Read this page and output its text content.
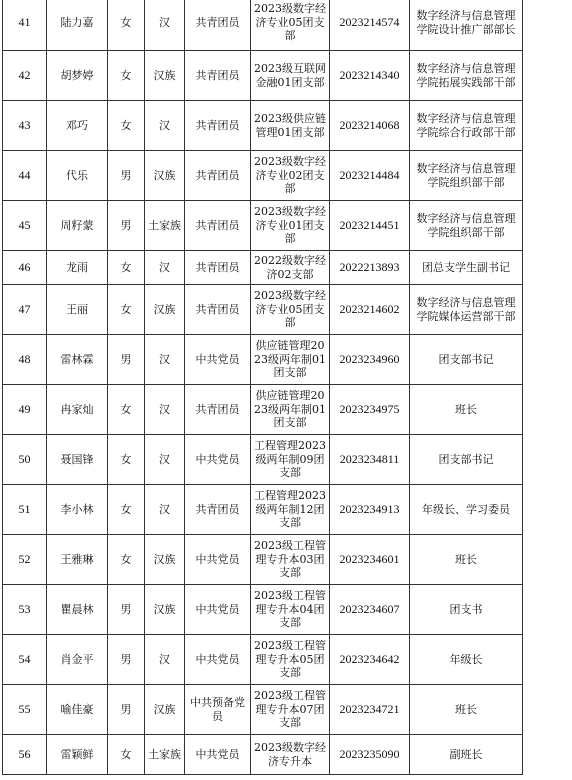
41	陆力嘉	女	汉	共青团员	2023级数字经济专业05团支部	2023214574	数字经济与信息管理学院设计推广部部长
42	胡梦婷	女	汉族	共青团员	2023级互联网金融01团支部	2023214340	数字经济与信息管理学院拓展实践部干部
43	邓巧	女	汉	共青团员	2023级供应链管理01团支部	2023214068	数字经济与信息管理学院综合行政部干部
44	代乐	男	汉族	共青团员	2023级数字经济专业02团支部	2023214484	数字经济与信息管理学院组织部干部
45	周籽蒙	男	土家族	共青团员	2023级数字经济专业01团支部	2023214451	数字经济与信息管理学院组织部干部
46	龙雨	女	汉	共青团员	2022级数字经济02支部	2022213893	团总支学生副书记
47	王丽	女	汉族	共青团员	2023级数字经济专业05团支部	2023214602	数字经济与信息管理学院媒体运营部干部
48	雷林霖	男	汉	中共党员	供应链管理2023级两年制01团支部	2023234960	团支部书记
49	冉家灿	女	汉	共青团员	供应链管理2023级两年制01团支部	2023234975	班长
50	聂国锋	女	汉	中共党员	工程管理2023级两年制09团支部	2023234811	团支部书记
51	李小林	女	汉	共青团员	工程管理2023级两年制12团支部	2023234913	年级长、学习委员
52	王雅琳	女	汉族	中共党员	2023级工程管理专升本03团支部	2023234601	班长
53	瞿晨林	男	汉族	中共党员	2023级工程管理专升本04团支部	2023234607	团支书
54	肖金平	男	汉	中共党员	2023级工程管理专升本05团支部	2023234642	年级长
55	喻佳豪	男	汉族	中共预备党员	2023级工程管理专升本07团支部	2023234721	班长
56	雷颖鲜	女	土家族	中共党员	2023级数字经济专升本	2023235090	副班长
